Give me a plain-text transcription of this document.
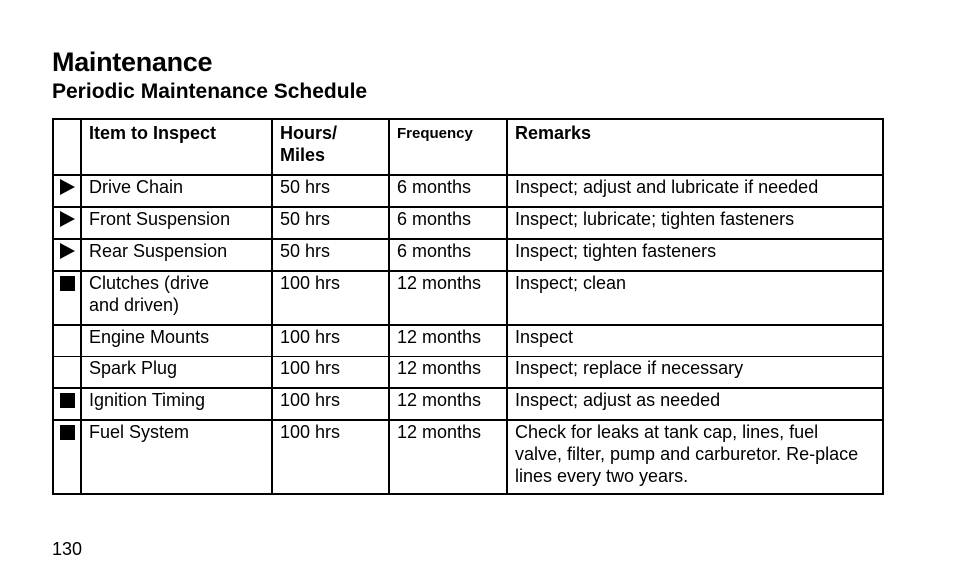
Maintenance
Periodic Maintenance Schedule
	Item to Inspect	Hours/ Miles	Frequency	Remarks
	Drive Chain	50 hrs	6 months	Inspect; adjust and lubricate if needed
	Front Suspension	50 hrs	6 months	Inspect; lubricate; tighten fasteners
	Rear Suspension	50 hrs	6 months	Inspect; tighten fasteners
	Clutches (drive and driven)	100 hrs	12 months	Inspect; clean
	Engine Mounts	100 hrs	12 months	Inspect
	Spark Plug	100 hrs	12 months	Inspect; replace if necessary
	Ignition Timing	100 hrs	12 months	Inspect; adjust as needed
	Fuel System	100 hrs	12 months	Check for leaks at tank cap, lines, fuel valve, filter, pump and carburetor. Re-place lines every two years.
130
